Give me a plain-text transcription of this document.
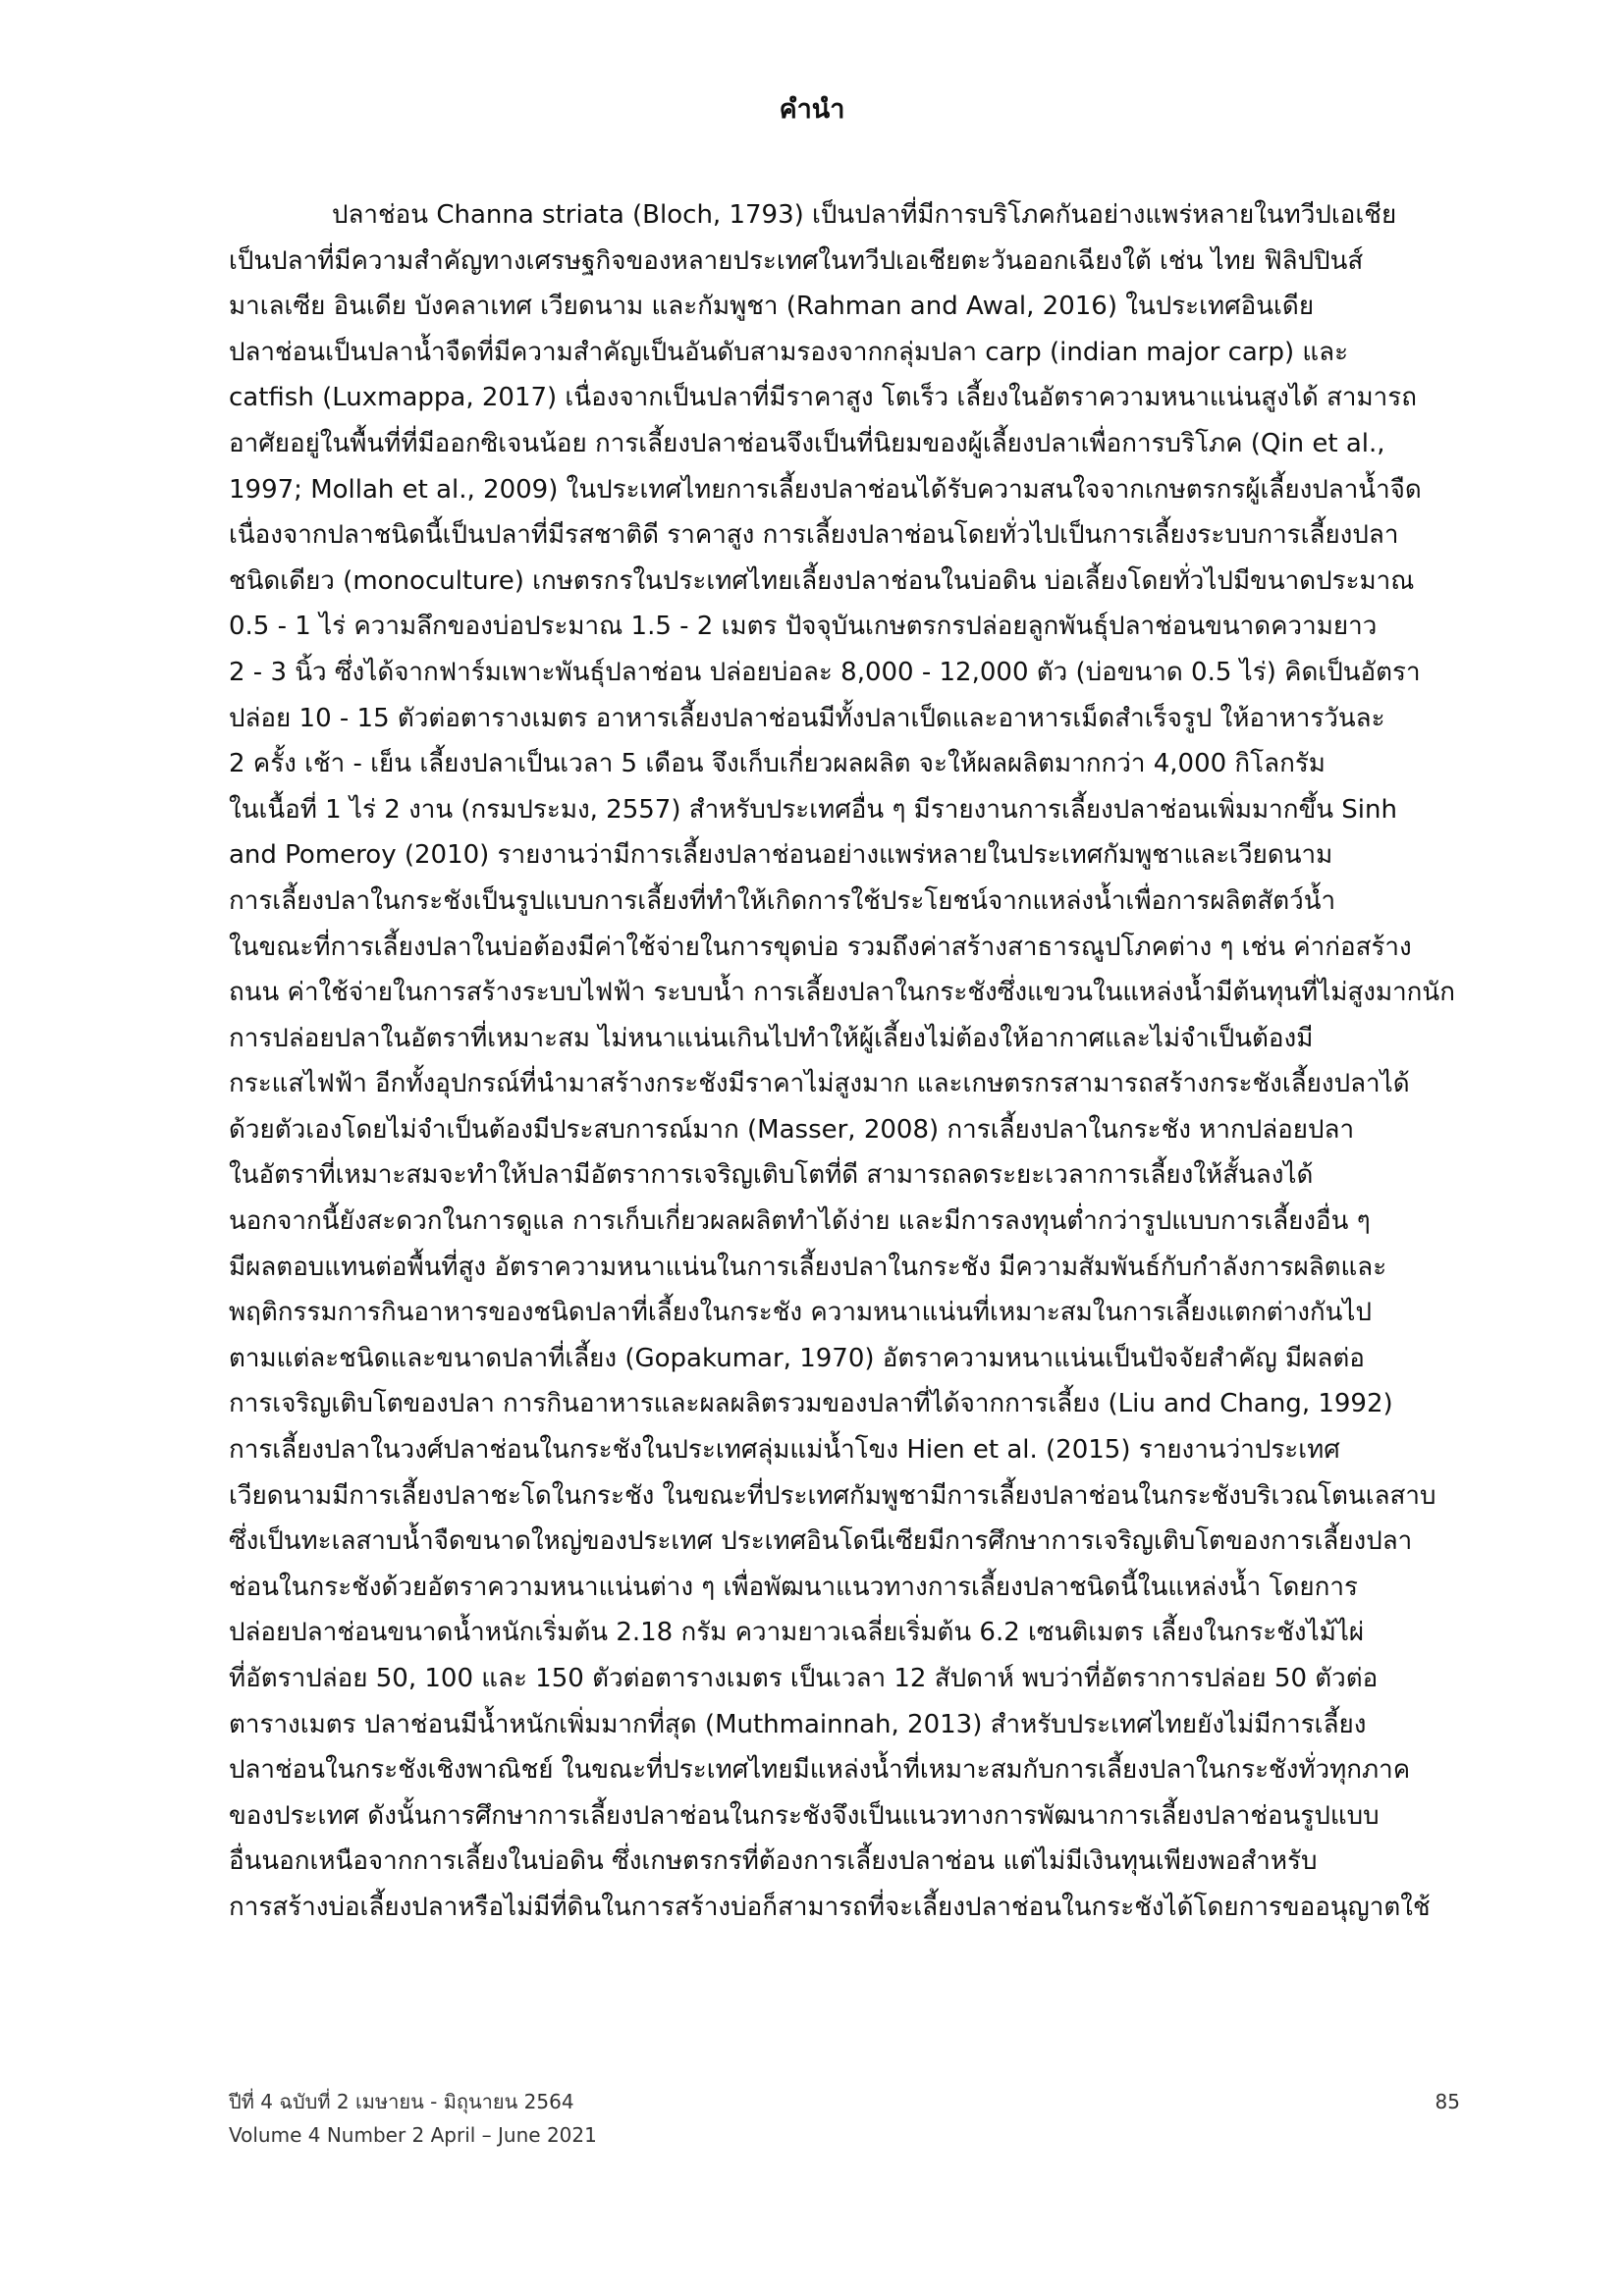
คำนำ
ปลาช่อน Channa striata (Bloch, 1793) เป็นปลาที่มีการบริโภคกันอย่างแพร่หลายในทวีปเอเชีย
เป็นปลาที่มีความสำคัญทางเศรษฐกิจของหลายประเทศในทวีปเอเชียตะวันออกเฉียงใต้ เช่น ไทย ฟิลิปปินส์
มาเลเซีย อินเดีย บังคลาเทศ เวียดนาม และกัมพูชา (Rahman and Awal, 2016) ในประเทศอินเดีย
ปลาช่อนเป็นปลาน้ำจืดที่มีความสำคัญเป็นอันดับสามรองจากกลุ่มปลา carp (indian major carp) และ
catfish (Luxmappa, 2017) เนื่องจากเป็นปลาที่มีราคาสูง โตเร็ว เลี้ยงในอัตราความหนาแน่นสูงได้ สามารถ
อาศัยอยู่ในพื้นที่ที่มีออกซิเจนน้อย การเลี้ยงปลาช่อนจึงเป็นที่นิยมของผู้เลี้ยงปลาเพื่อการบริโภค (Qin et al.,
1997; Mollah et al., 2009) ในประเทศไทยการเลี้ยงปลาช่อนได้รับความสนใจจากเกษตรกรผู้เลี้ยงปลาน้ำจืด
เนื่องจากปลาชนิดนี้เป็นปลาที่มีรสชาติดี ราคาสูง การเลี้ยงปลาช่อนโดยทั่วไปเป็นการเลี้ยงระบบการเลี้ยงปลา
ชนิดเดียว (monoculture) เกษตรกรในประเทศไทยเลี้ยงปลาช่อนในบ่อดิน บ่อเลี้ยงโดยทั่วไปมีขนาดประมาณ
0.5 - 1 ไร่ ความลึกของบ่อประมาณ 1.5 - 2 เมตร ปัจจุบันเกษตรกรปล่อยลูกพันธุ์ปลาช่อนขนาดความยาว
2 - 3 นิ้ว ซึ่งได้จากฟาร์มเพาะพันธุ์ปลาช่อน ปล่อยบ่อละ 8,000 - 12,000 ตัว (บ่อขนาด 0.5 ไร่) คิดเป็นอัตรา
ปล่อย 10 - 15 ตัวต่อตารางเมตร อาหารเลี้ยงปลาช่อนมีทั้งปลาเป็ดและอาหารเม็ดสำเร็จรูป ให้อาหารวันละ
2 ครั้ง เช้า - เย็น เลี้ยงปลาเป็นเวลา 5 เดือน จึงเก็บเกี่ยวผลผลิต จะให้ผลผลิตมากกว่า 4,000 กิโลกรัม
ในเนื้อที่ 1 ไร่ 2 งาน (กรมประมง, 2557) สำหรับประเทศอื่น ๆ มีรายงานการเลี้ยงปลาช่อนเพิ่มมากขึ้น Sinh
and Pomeroy (2010) รายงานว่ามีการเลี้ยงปลาช่อนอย่างแพร่หลายในประเทศกัมพูชาและเวียดนาม
การเลี้ยงปลาในกระชังเป็นรูปแบบการเลี้ยงที่ทำให้เกิดการใช้ประโยชน์จากแหล่งน้ำเพื่อการผลิตสัตว์น้ำ
ในขณะที่การเลี้ยงปลาในบ่อต้องมีค่าใช้จ่ายในการขุดบ่อ รวมถึงค่าสร้างสาธารณูปโภคต่าง ๆ เช่น ค่าก่อสร้าง
ถนน ค่าใช้จ่ายในการสร้างระบบไฟฟ้า ระบบน้ำ การเลี้ยงปลาในกระชังซึ่งแขวนในแหล่งน้ำมีต้นทุนที่ไม่สูงมากนัก
การปล่อยปลาในอัตราที่เหมาะสม ไม่หนาแน่นเกินไปทำให้ผู้เลี้ยงไม่ต้องให้อากาศและไม่จำเป็นต้องมี
กระแสไฟฟ้า อีกทั้งอุปกรณ์ที่นำมาสร้างกระชังมีราคาไม่สูงมาก และเกษตรกรสามารถสร้างกระชังเลี้ยงปลาได้
ด้วยตัวเองโดยไม่จำเป็นต้องมีประสบการณ์มาก (Masser, 2008) การเลี้ยงปลาในกระชัง หากปล่อยปลา
ในอัตราที่เหมาะสมจะทำให้ปลามีอัตราการเจริญเติบโตที่ดี สามารถลดระยะเวลาการเลี้ยงให้สั้นลงได้
นอกจากนี้ยังสะดวกในการดูแล การเก็บเกี่ยวผลผลิตทำได้ง่าย และมีการลงทุนต่ำกว่ารูปแบบการเลี้ยงอื่น ๆ
มีผลตอบแทนต่อพื้นที่สูง อัตราความหนาแน่นในการเลี้ยงปลาในกระชัง มีความสัมพันธ์กับกำลังการผลิตและ
พฤติกรรมการกินอาหารของชนิดปลาที่เลี้ยงในกระชัง ความหนาแน่นที่เหมาะสมในการเลี้ยงแตกต่างกันไป
ตามแต่ละชนิดและขนาดปลาที่เลี้ยง (Gopakumar, 1970) อัตราความหนาแน่นเป็นปัจจัยสำคัญ มีผลต่อ
การเจริญเติบโตของปลา การกินอาหารและผลผลิตรวมของปลาที่ได้จากการเลี้ยง (Liu and Chang, 1992)
การเลี้ยงปลาในวงศ์ปลาช่อนในกระชังในประเทศลุ่มแม่น้ำโขง Hien et al. (2015) รายงานว่าประเทศ
เวียดนามมีการเลี้ยงปลาชะโดในกระชัง ในขณะที่ประเทศกัมพูชามีการเลี้ยงปลาช่อนในกระชังบริเวณโตนเลสาบ
ซึ่งเป็นทะเลสาบน้ำจืดขนาดใหญ่ของประเทศ ประเทศอินโดนีเซียมีการศึกษาการเจริญเติบโตของการเลี้ยงปลา
ช่อนในกระชังด้วยอัตราความหนาแน่นต่าง ๆ เพื่อพัฒนาแนวทางการเลี้ยงปลาชนิดนี้ในแหล่งน้ำ โดยการ
ปล่อยปลาช่อนขนาดน้ำหนักเริ่มต้น 2.18 กรัม ความยาวเฉลี่ยเริ่มต้น 6.2 เซนติเมตร เลี้ยงในกระชังไม้ไผ่
ที่อัตราปล่อย 50, 100 และ 150 ตัวต่อตารางเมตร เป็นเวลา 12 สัปดาห์ พบว่าที่อัตราการปล่อย 50 ตัวต่อ
ตารางเมตร ปลาช่อนมีน้ำหนักเพิ่มมากที่สุด (Muthmainnah, 2013) สำหรับประเทศไทยยังไม่มีการเลี้ยง
ปลาช่อนในกระชังเชิงพาณิชย์ ในขณะที่ประเทศไทยมีแหล่งน้ำที่เหมาะสมกับการเลี้ยงปลาในกระชังทั่วทุกภาค
ของประเทศ ดังนั้นการศึกษาการเลี้ยงปลาช่อนในกระชังจึงเป็นแนวทางการพัฒนาการเลี้ยงปลาช่อนรูปแบบ
อื่นนอกเหนือจากการเลี้ยงในบ่อดิน ซึ่งเกษตรกรที่ต้องการเลี้ยงปลาช่อน แต่ไม่มีเงินทุนเพียงพอสำหรับ
การสร้างบ่อเลี้ยงปลาหรือไม่มีที่ดินในการสร้างบ่อก็สามารถที่จะเลี้ยงปลาช่อนในกระชังได้โดยการขออนุญาตใช้
ปีที่ 4 ฉบับที่ 2 เมษายน - มิถุนายน 2564
Volume 4 Number 2 April – June 2021
85
